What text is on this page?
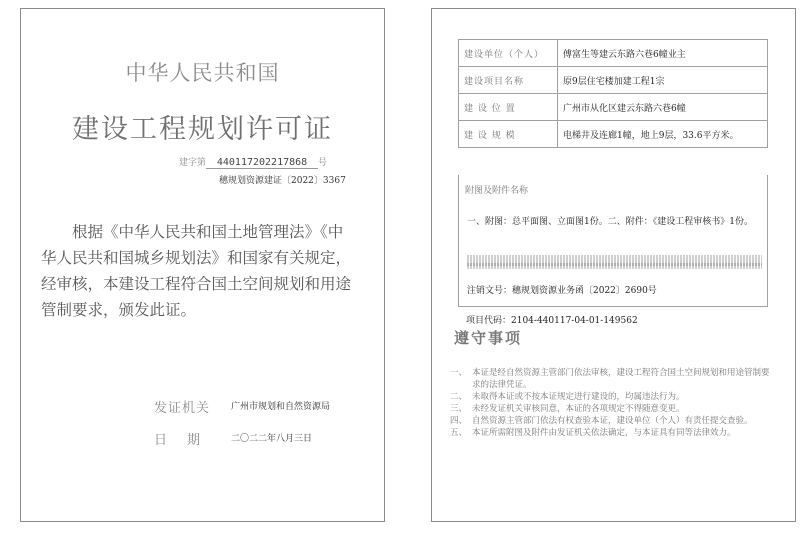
中华人民共和国
建设工程规划许可证
建字第 440117202217868 号
穗规划资源建证〔2022〕3367
根据《中华人民共和国土地管理法》《中华人民共和国城乡规划法》和国家有关规定，经审核，本建设工程符合国土空间规划和用途管制要求，颁发此证。
发证机关 广州市规划和自然资源局
日期 二〇二二年八月三日
建设单位（个人）	傅富生等建云东路六巷6幢业主
建设项目名称	原9层住宅楼加建工程1宗
建 设 位 置	广州市从化区建云东路六巷6幢
建 设 规 模	电梯井及连廊1幢，地上9层，33.6平方米。
附图及附件名称
一、附图：总平面图、立面图1份。二、附件：《建设工程审核书》1份。
注销文号：穗规划资源业务函〔2022〕2690号
项目代码：2104-440117-04-01-149562
遵守事项
一、 本证是经自然资源主管部门依法审核，建设工程符合国土空间规划和用途管制要求的法律凭证。
二、 未取得本证或不按本证规定进行建设的，均属违法行为。
三、 未经发证机关审核同意，本证的各项规定不得随意变更。
四、 自然资源主管部门依法有权查验本证，建设单位（个人）有责任提交查验。
五、 本证所需附图及附件由发证机关依法确定，与本证具有同等法律效力。
